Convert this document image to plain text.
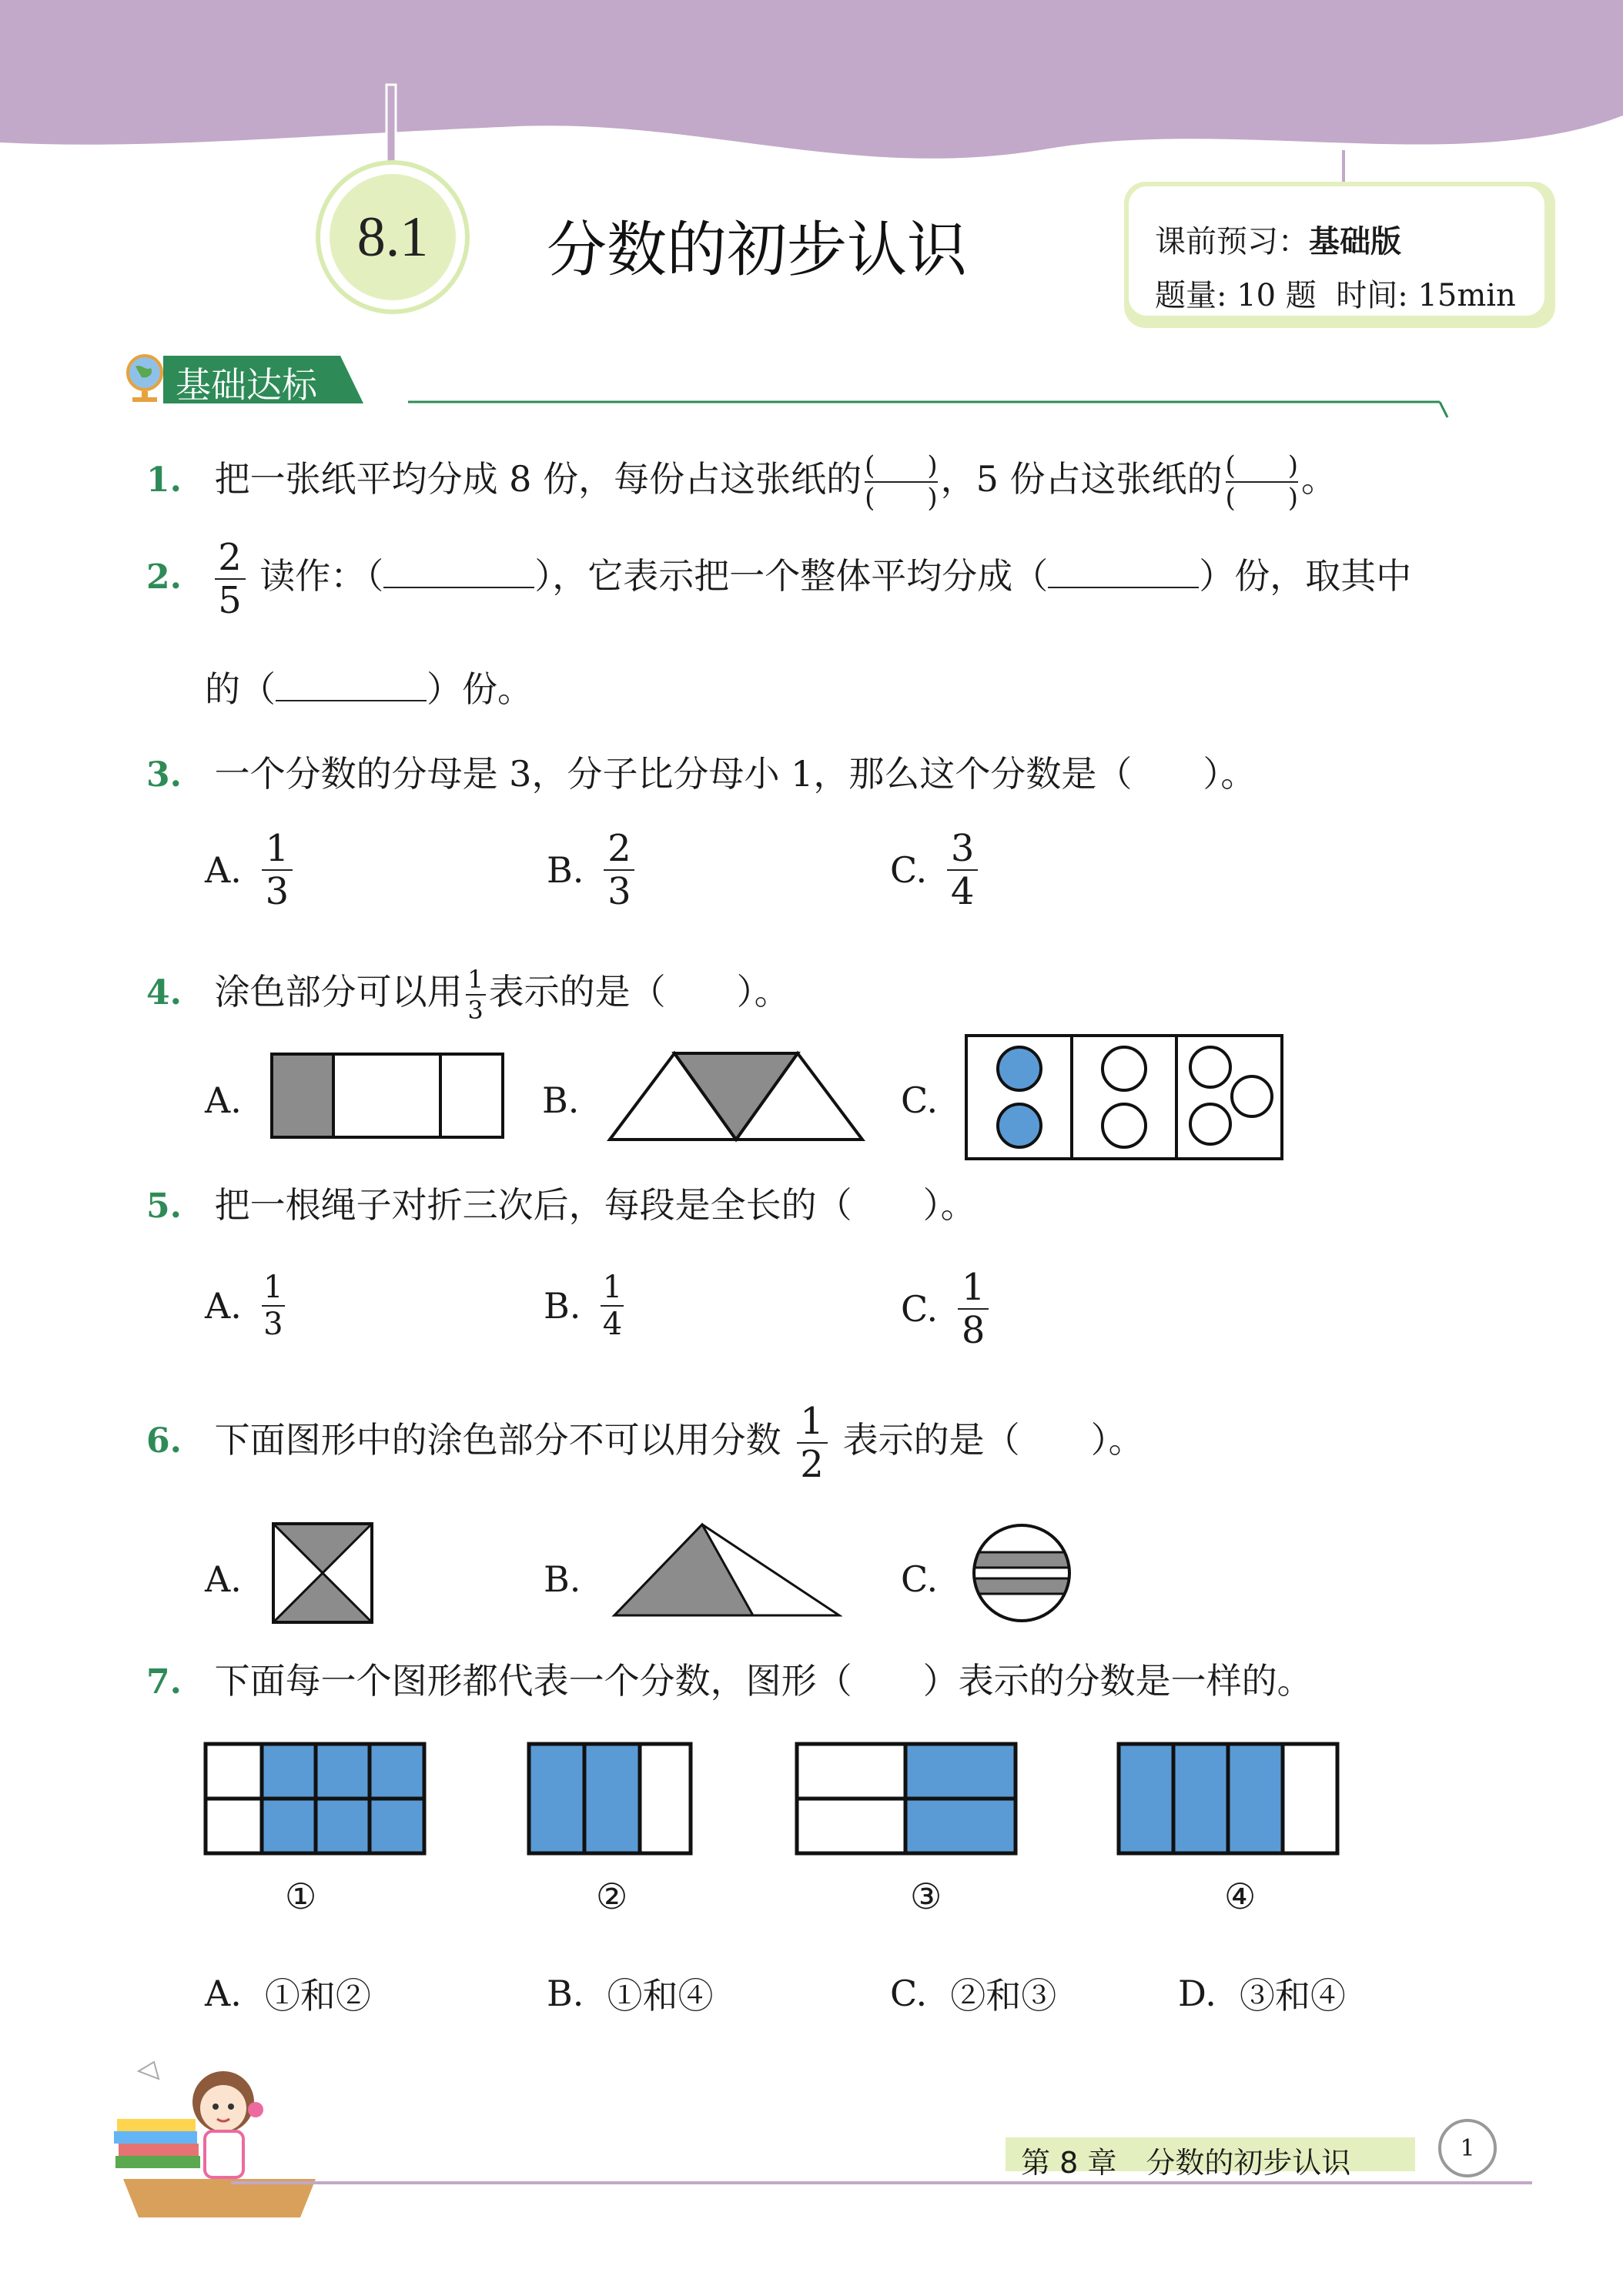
8.1	分数的初步认识	课前预习：基础版
题量: 10 题 时间: 15min
基础达标
1. 把一张纸平均分成 8 份，每份占这张纸的 $\frac{( )}{( )}$ ，5 份占这张纸的 $\frac{( )}{( )}$ 。
2. $\frac{2}{5}$ 读作：（	），它表示把一个整体平均分成（	）份，取其中
的（	）份。
3. 一个分数的分母是 3，分子比分母小 1，那么这个分数是（　　）。
A. $\frac{1}{3}$	B. $\frac{2}{3}$	C. $\frac{3}{4}$
4. 涂色部分可以用 $\frac{1}{3}$ 表示的是（　　）。
A.	B.	C.
5. 把一根绳子对折三次后，每段是全长的（　　）。
A. $\frac{1}{3}$	B. $\frac{1}{4}$	C. $\frac{1}{8}$
6. 下面图形中的涂色部分不可以用分数 $\frac{1}{2}$ 表示的是（　　）。
A.	B.	C.
7. 下面每一个图形都代表一个分数，图形（　　）表示的分数是一样的。
①	②	③	④
A. ①和②	B. ①和④	C. ②和③	D. ③和④
第 8 章　分数的初步认识	1
